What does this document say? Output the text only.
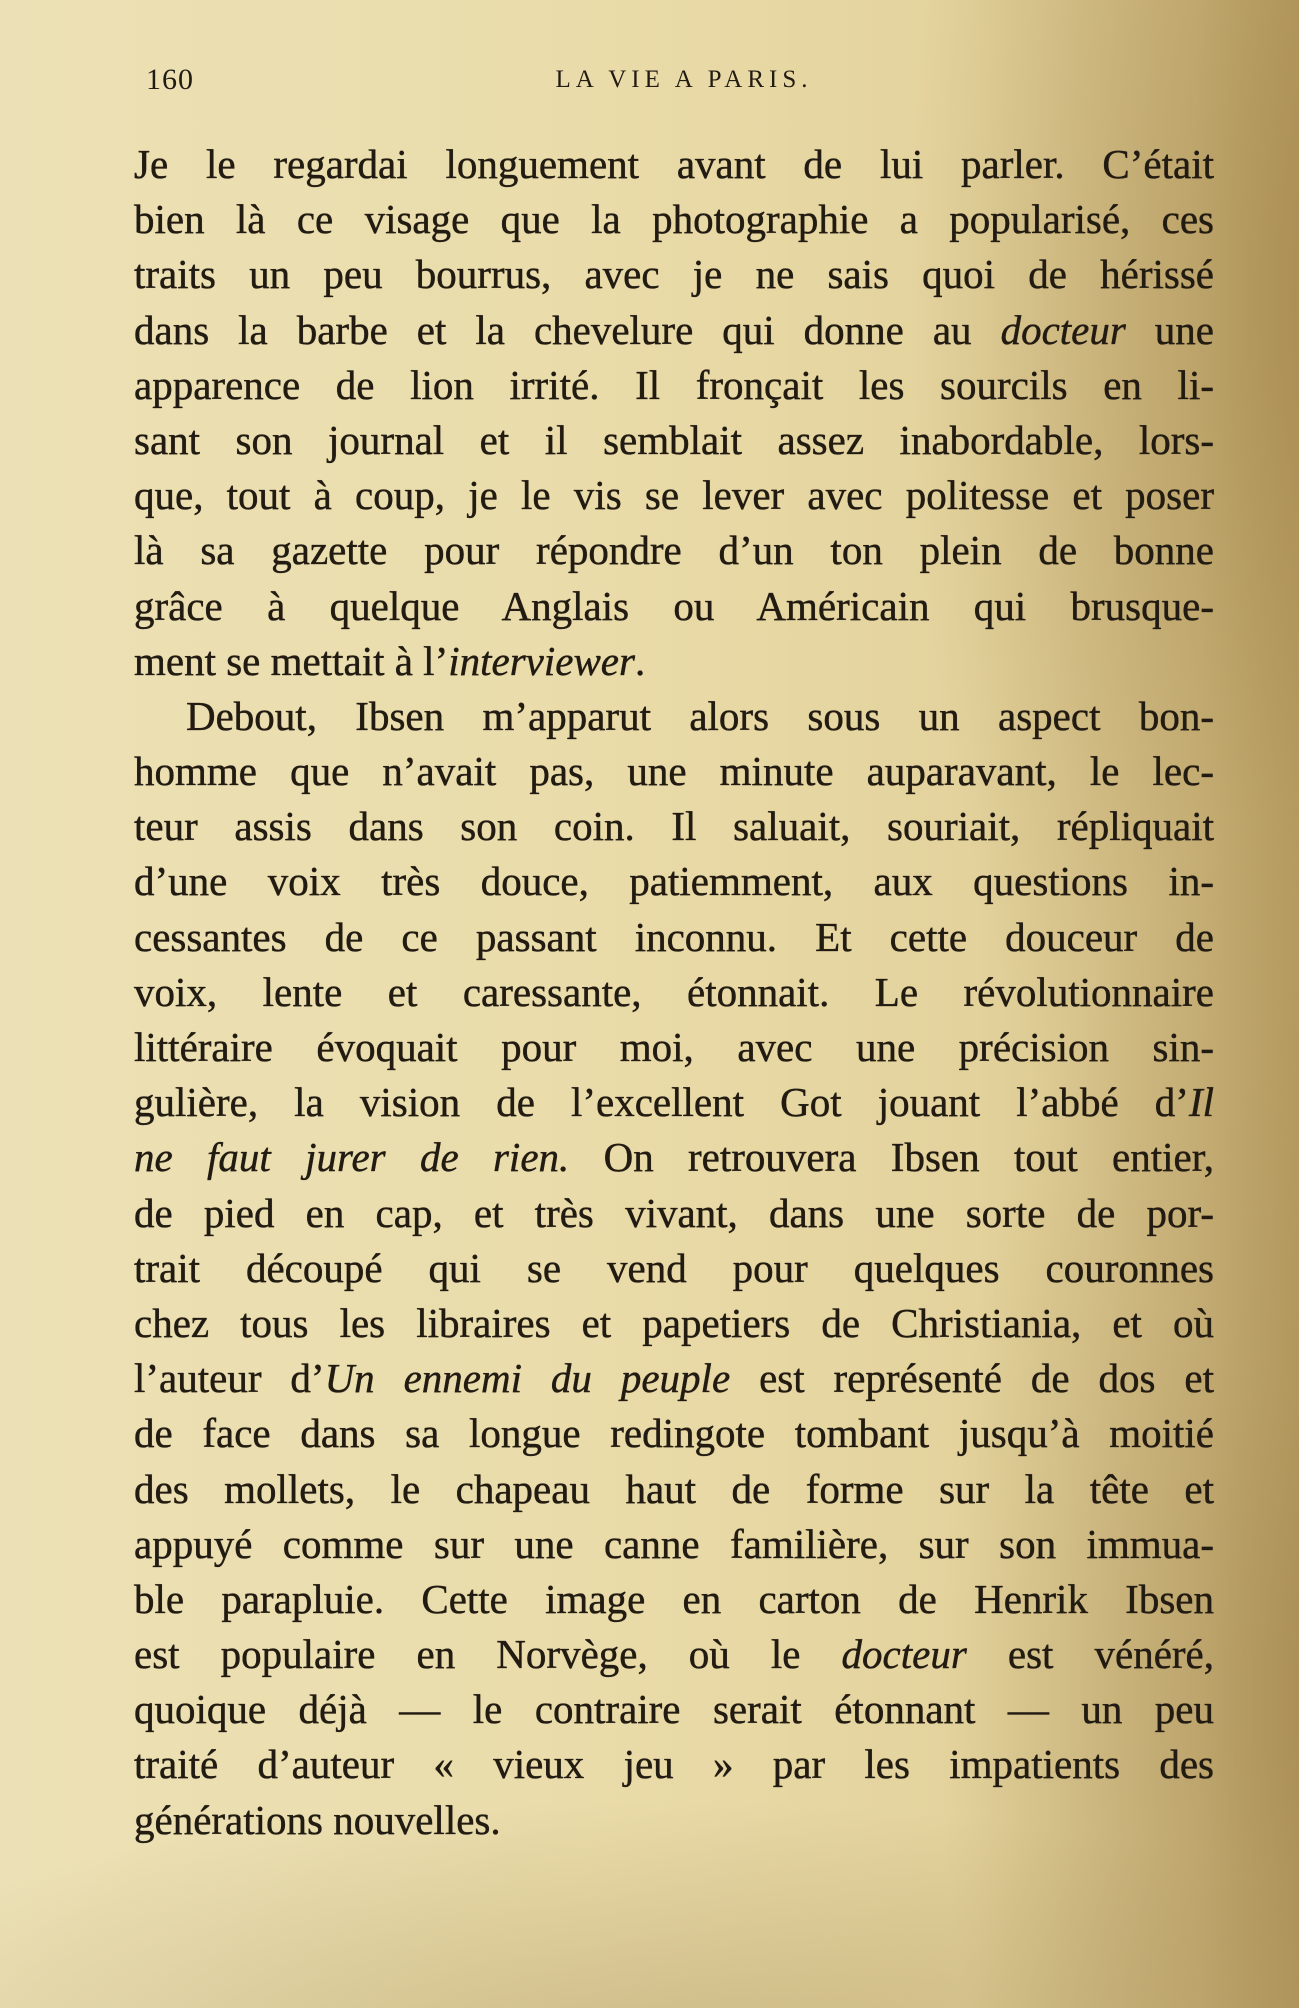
160	LA VIE A PARIS.
Je le regardai longuement avant de lui parler. C’était
bien là ce visage que la photographie a popularisé, ces
traits un peu bourrus, avec je ne sais quoi de hérissé
dans la barbe et la chevelure qui donne au docteur une
apparence de lion irrité. Il fronçait les sourcils en li-
sant son journal et il semblait assez inabordable, lors-
que, tout à coup, je le vis se lever avec politesse et poser
là sa gazette pour répondre d’un ton plein de bonne
grâce à quelque Anglais ou Américain qui brusque-
ment se mettait à l’interviewer.
Debout, Ibsen m’apparut alors sous un aspect bon-
homme que n’avait pas, une minute auparavant, le lec-
teur assis dans son coin. Il saluait, souriait, répliquait
d’une voix très douce, patiemment, aux questions in-
cessantes de ce passant inconnu. Et cette douceur de
voix, lente et caressante, étonnait. Le révolutionnaire
littéraire évoquait pour moi, avec une précision sin-
gulière, la vision de l’excellent Got jouant l’abbé d’Il
ne faut jurer de rien. On retrouvera Ibsen tout entier,
de pied en cap, et très vivant, dans une sorte de por-
trait découpé qui se vend pour quelques couronnes
chez tous les libraires et papetiers de Christiania, et où
l’auteur d’Un ennemi du peuple est représenté de dos et
de face dans sa longue redingote tombant jusqu’à moitié
des mollets, le chapeau haut de forme sur la tête et
appuyé comme sur une canne familière, sur son immua-
ble parapluie. Cette image en carton de Henrik Ibsen
est populaire en Norvège, où le docteur est vénéré,
quoique déjà — le contraire serait étonnant — un peu
traité d’auteur « vieux jeu » par les impatients des
générations nouvelles.
